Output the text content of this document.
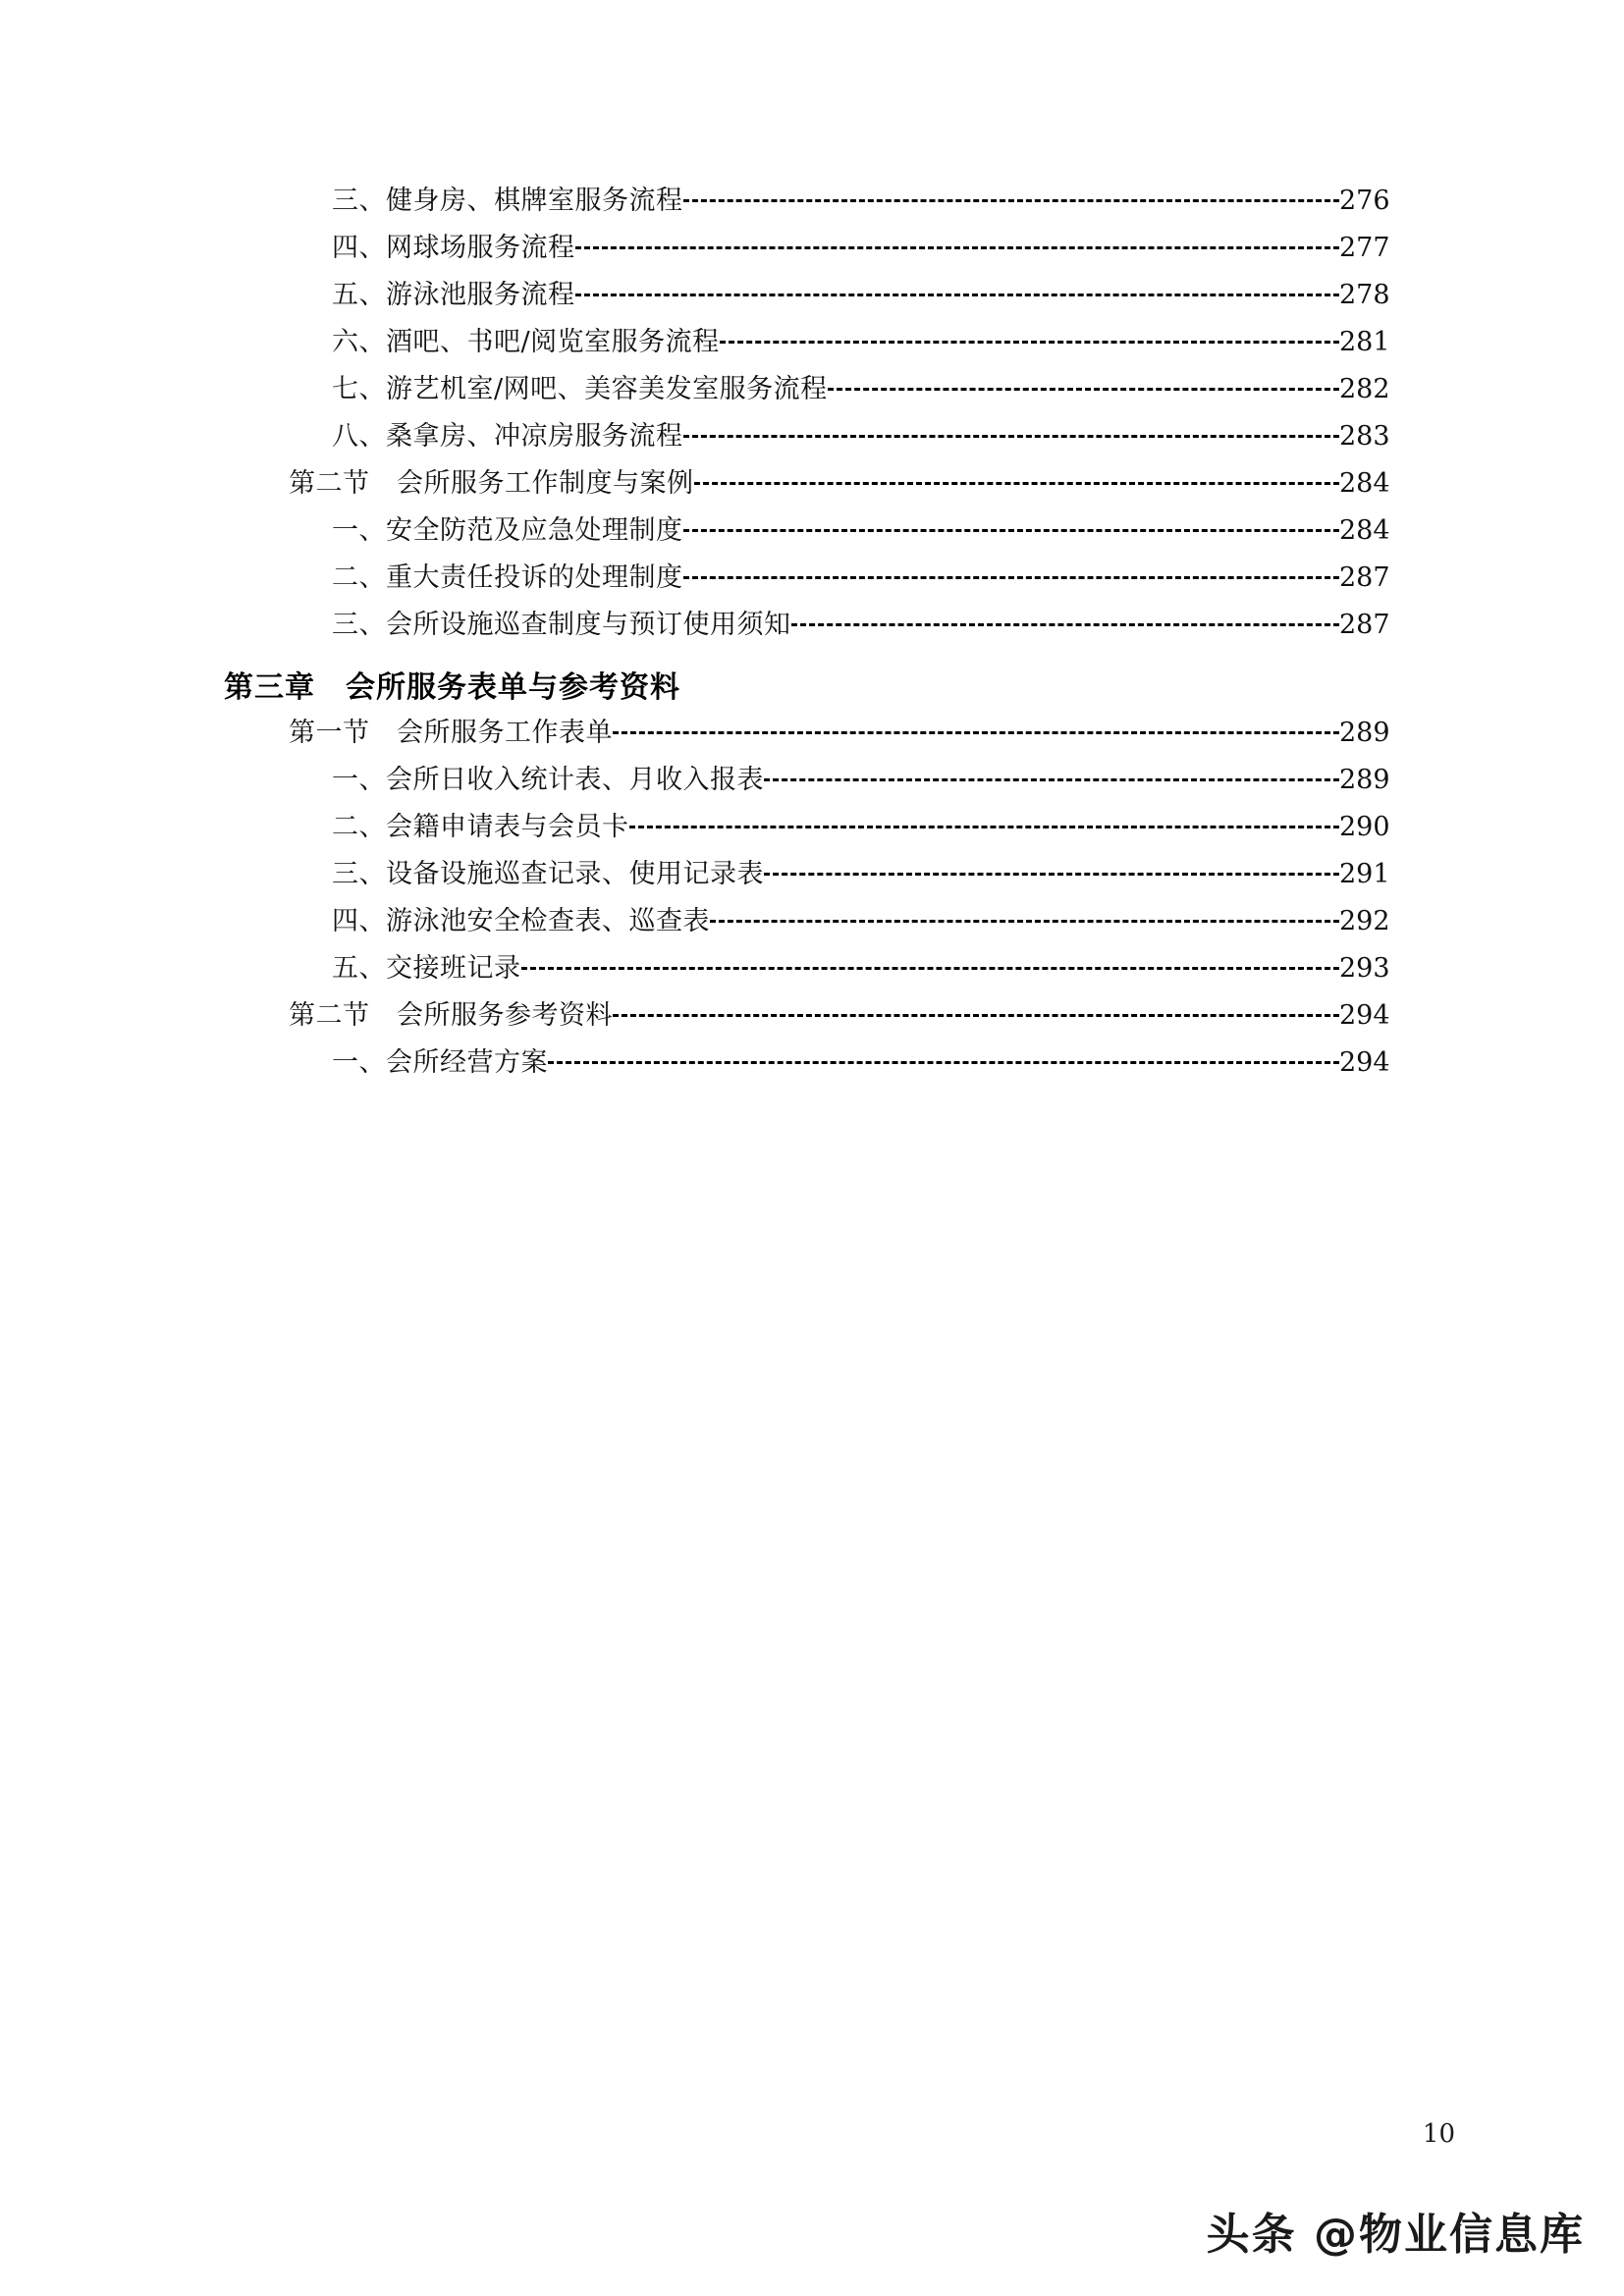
三、健身房、棋牌室服务流程	276
四、网球场服务流程	277
五、游泳池服务流程	278
六、酒吧、书吧/阅览室服务流程	281
七、游艺机室/网吧、美容美发室服务流程	282
八、桑拿房、冲凉房服务流程	283
第二节　会所服务工作制度与案例	284
一、安全防范及应急处理制度	284
二、重大责任投诉的处理制度	287
三、会所设施巡查制度与预订使用须知	287
第三章　会所服务表单与参考资料
第一节　会所服务工作表单	289
一、会所日收入统计表、月收入报表	289
二、会籍申请表与会员卡	290
三、设备设施巡查记录、使用记录表	291
四、游泳池安全检查表、巡查表	292
五、交接班记录	293
第二节　会所服务参考资料	294
一、会所经营方案	294
10
头条 @物业信息库
